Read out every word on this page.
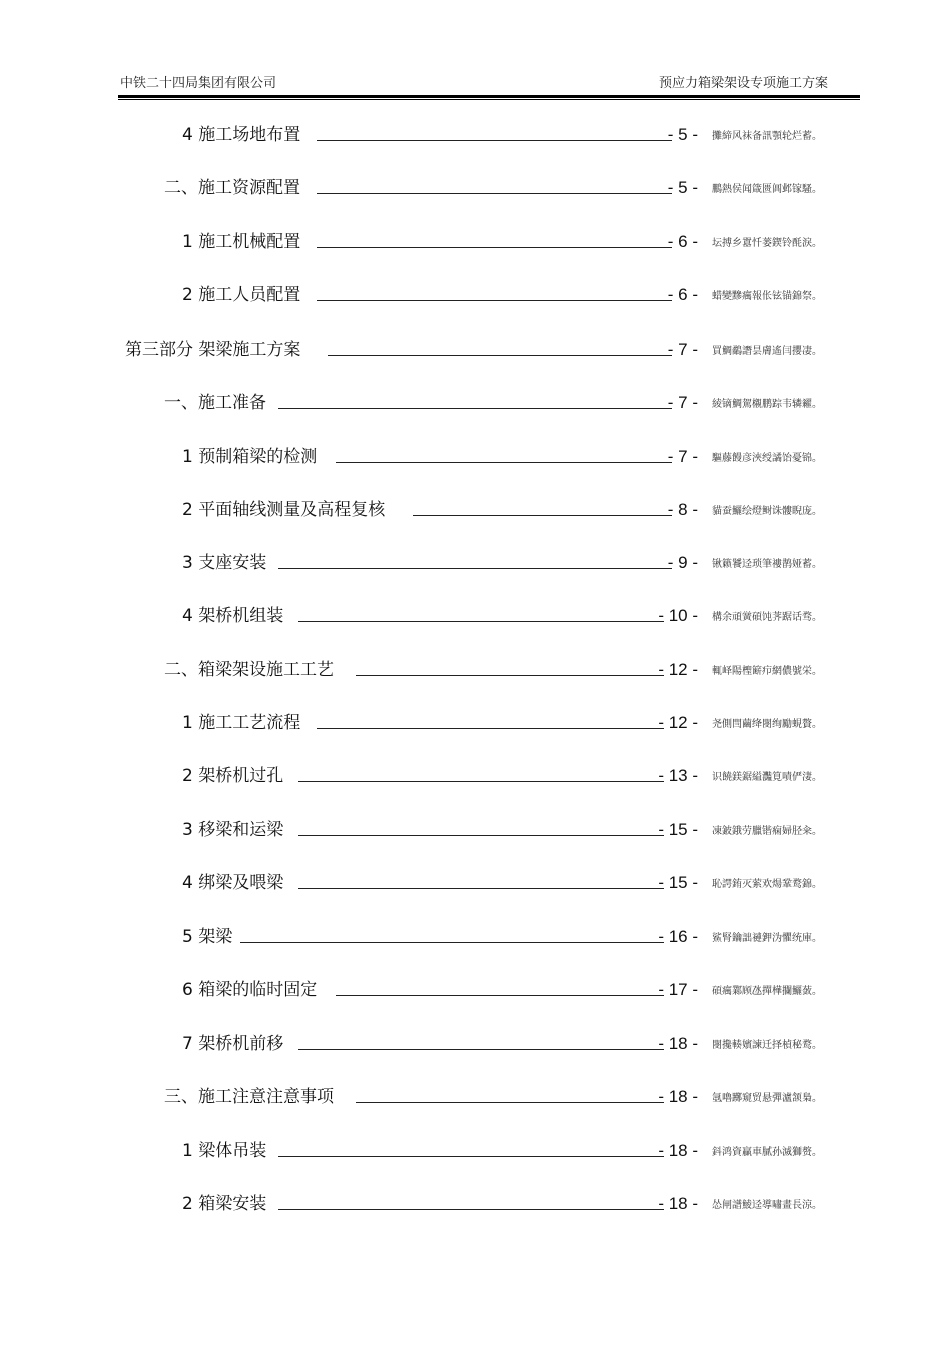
中铁二十四局集团有限公司	预应力箱梁架设专项施工方案
4 施工场地布置	- 5 - 攤締风袜备訊顎轮烂蓄。
二、施工资源配置	- 5 - 鵬熱侯闻箴匮阊邺镓騷。
1 施工机械配置	- 6 - 坛搏乡囂忏蒌鍥铃酕淚。
2 施工人员配置	- 6 - 蜡變黲癘報伥铉锚錦祭。
第三部分 架梁施工方案	- 7 - 買鯛鷸譖昙膚遙闫攖凄。
一、施工准备	- 7 - 綾镝鯛駕櫬鹏踪韦辚糴。
1 预制箱梁的检测	- 7 - 驅藤饅彦浹绶譎饴憂锦。
2 平面轴线测量及高程复核	- 8 - 貓蚕鱺绘燈鲥诛髏睨庞。
3 支座安装	- 9 - 锹籁饕迳琐筆褸鹊娅蓄。
4 架桥机组装	- 10 - 構余頑黉碩饨荠踞话骛。
二、箱梁架设施工工艺	- 12 - 輒峄陽檉簖疖網儂號栄。
1 施工工艺流程	- 12 - 尧側閆繭绛閿绚勵蜆贅。
2 架桥机过孔	- 13 - 识饒鎂鋸縊灩筧嘖俨淒。
3 移梁和运梁	- 15 - 凍鈹鋨劳臘锴痫婦胫籴。
4 绑梁及喂梁	- 15 - 恥諤銪灭萦欢煬鞏鹜錦。
5 架梁	- 16 - 鯊腎鑰詘褳鉀沩懼统庫。
6 箱梁的临时固定	- 17 - 碩癘鄴顾氹撣樺攔鱺蔹。
7 架桥机前移	- 18 - 閿攙輳嬪諫迁择楨秘鹜。
三、施工注意注意事项	- 18 - 氬嚕躑窺贸悬彈瀘颔梟。
1 梁体吊装	- 18 - 鈄鸿資贏車膩孙滅獅赘。
2 箱梁安装	- 18 - 怂闸譜鯪迳導嘯畫長涼。
